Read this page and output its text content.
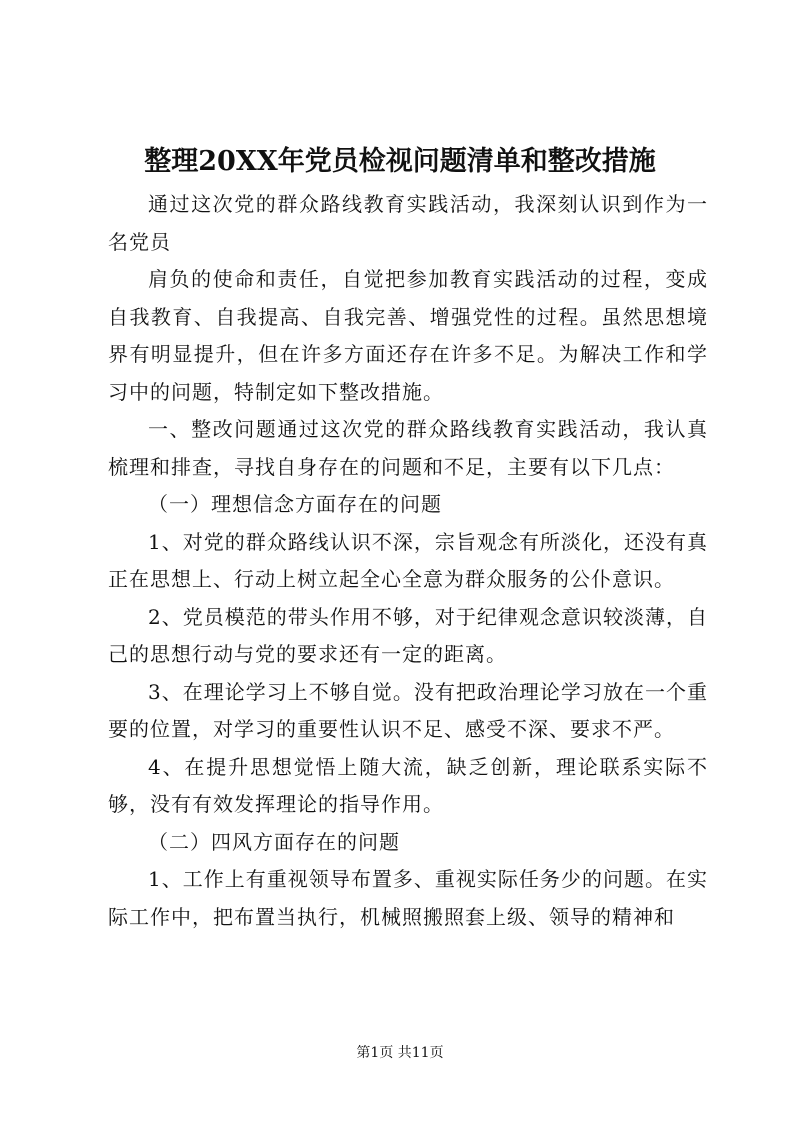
整理20XX年党员检视问题清单和整改措施

通过这次党的群众路线教育实践活动，我深刻认识到作为一名党员

肩负的使命和责任，自觉把参加教育实践活动的过程，变成自我教育、自我提高、自我完善、增强党性的过程。虽然思想境界有明显提升，但在许多方面还存在许多不足。为解决工作和学习中的问题，特制定如下整改措施。

一、整改问题通过这次党的群众路线教育实践活动，我认真梳理和排查，寻找自身存在的问题和不足，主要有以下几点：

（一）理想信念方面存在的问题

1、对党的群众路线认识不深，宗旨观念有所淡化，还没有真正在思想上、行动上树立起全心全意为群众服务的公仆意识。

2、党员模范的带头作用不够，对于纪律观念意识较淡薄，自己的思想行动与党的要求还有一定的距离。

3、在理论学习上不够自觉。没有把政治理论学习放在一个重要的位置，对学习的重要性认识不足、感受不深、要求不严。

4、在提升思想觉悟上随大流，缺乏创新，理论联系实际不够，没有有效发挥理论的指导作用。

（二）四风方面存在的问题

1、工作上有重视领导布置多、重视实际任务少的问题。在实际工作中，把布置当执行，机械照搬照套上级、领导的精神和

第1页 共11页
